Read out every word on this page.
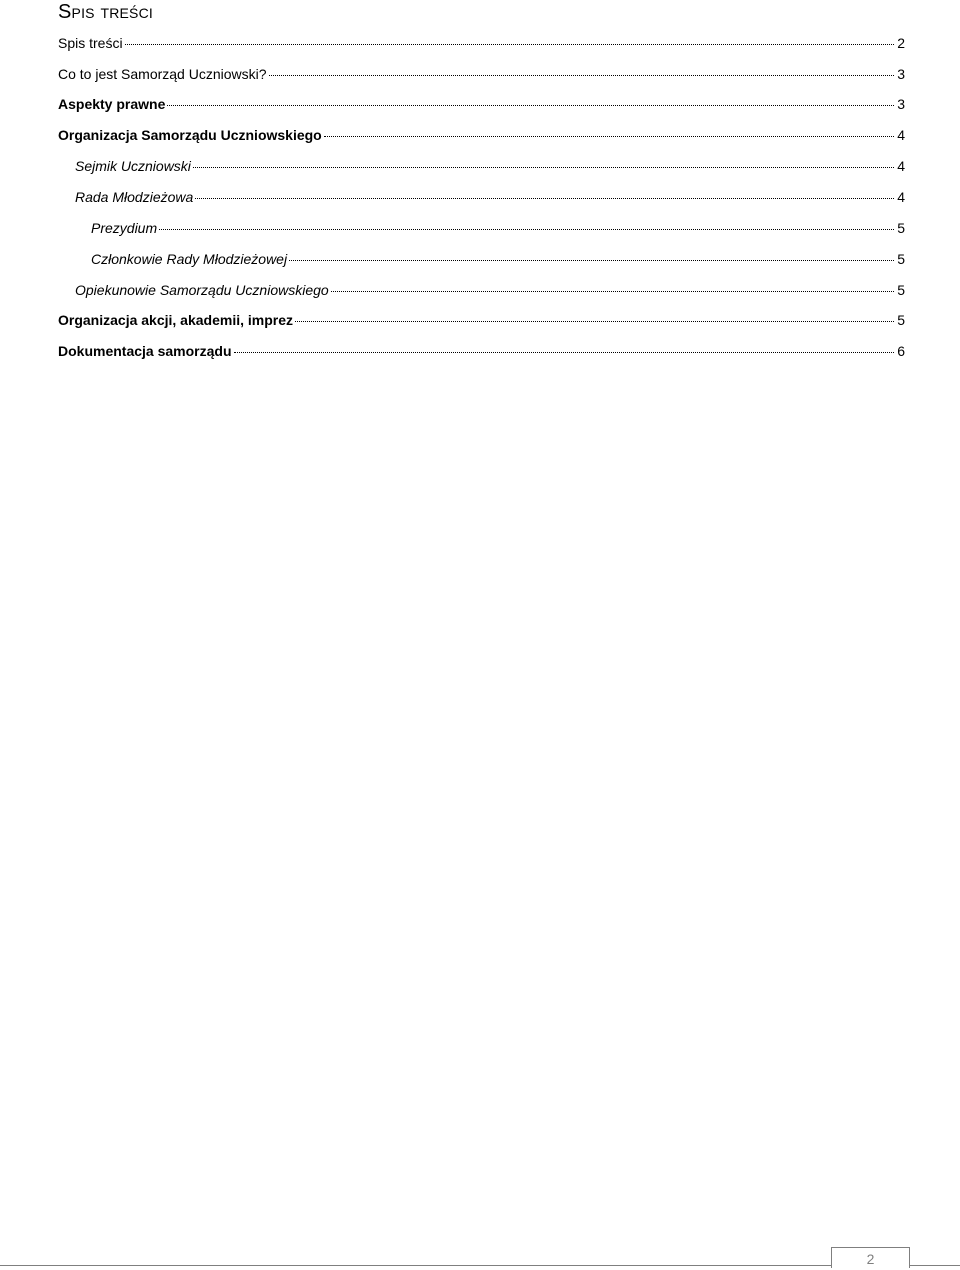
Spis treści
Spis treści	2
Co to jest Samorząd Uczniowski?	3
Aspekty prawne	3
Organizacja Samorządu Uczniowskiego	4
Sejmik Uczniowski	4
Rada Młodzieżowa	4
Prezydium	5
Członkowie Rady Młodzieżowej	5
Opiekunowie Samorządu Uczniowskiego	5
Organizacja akcji, akademii, imprez	5
Dokumentacja samorządu	6
2
